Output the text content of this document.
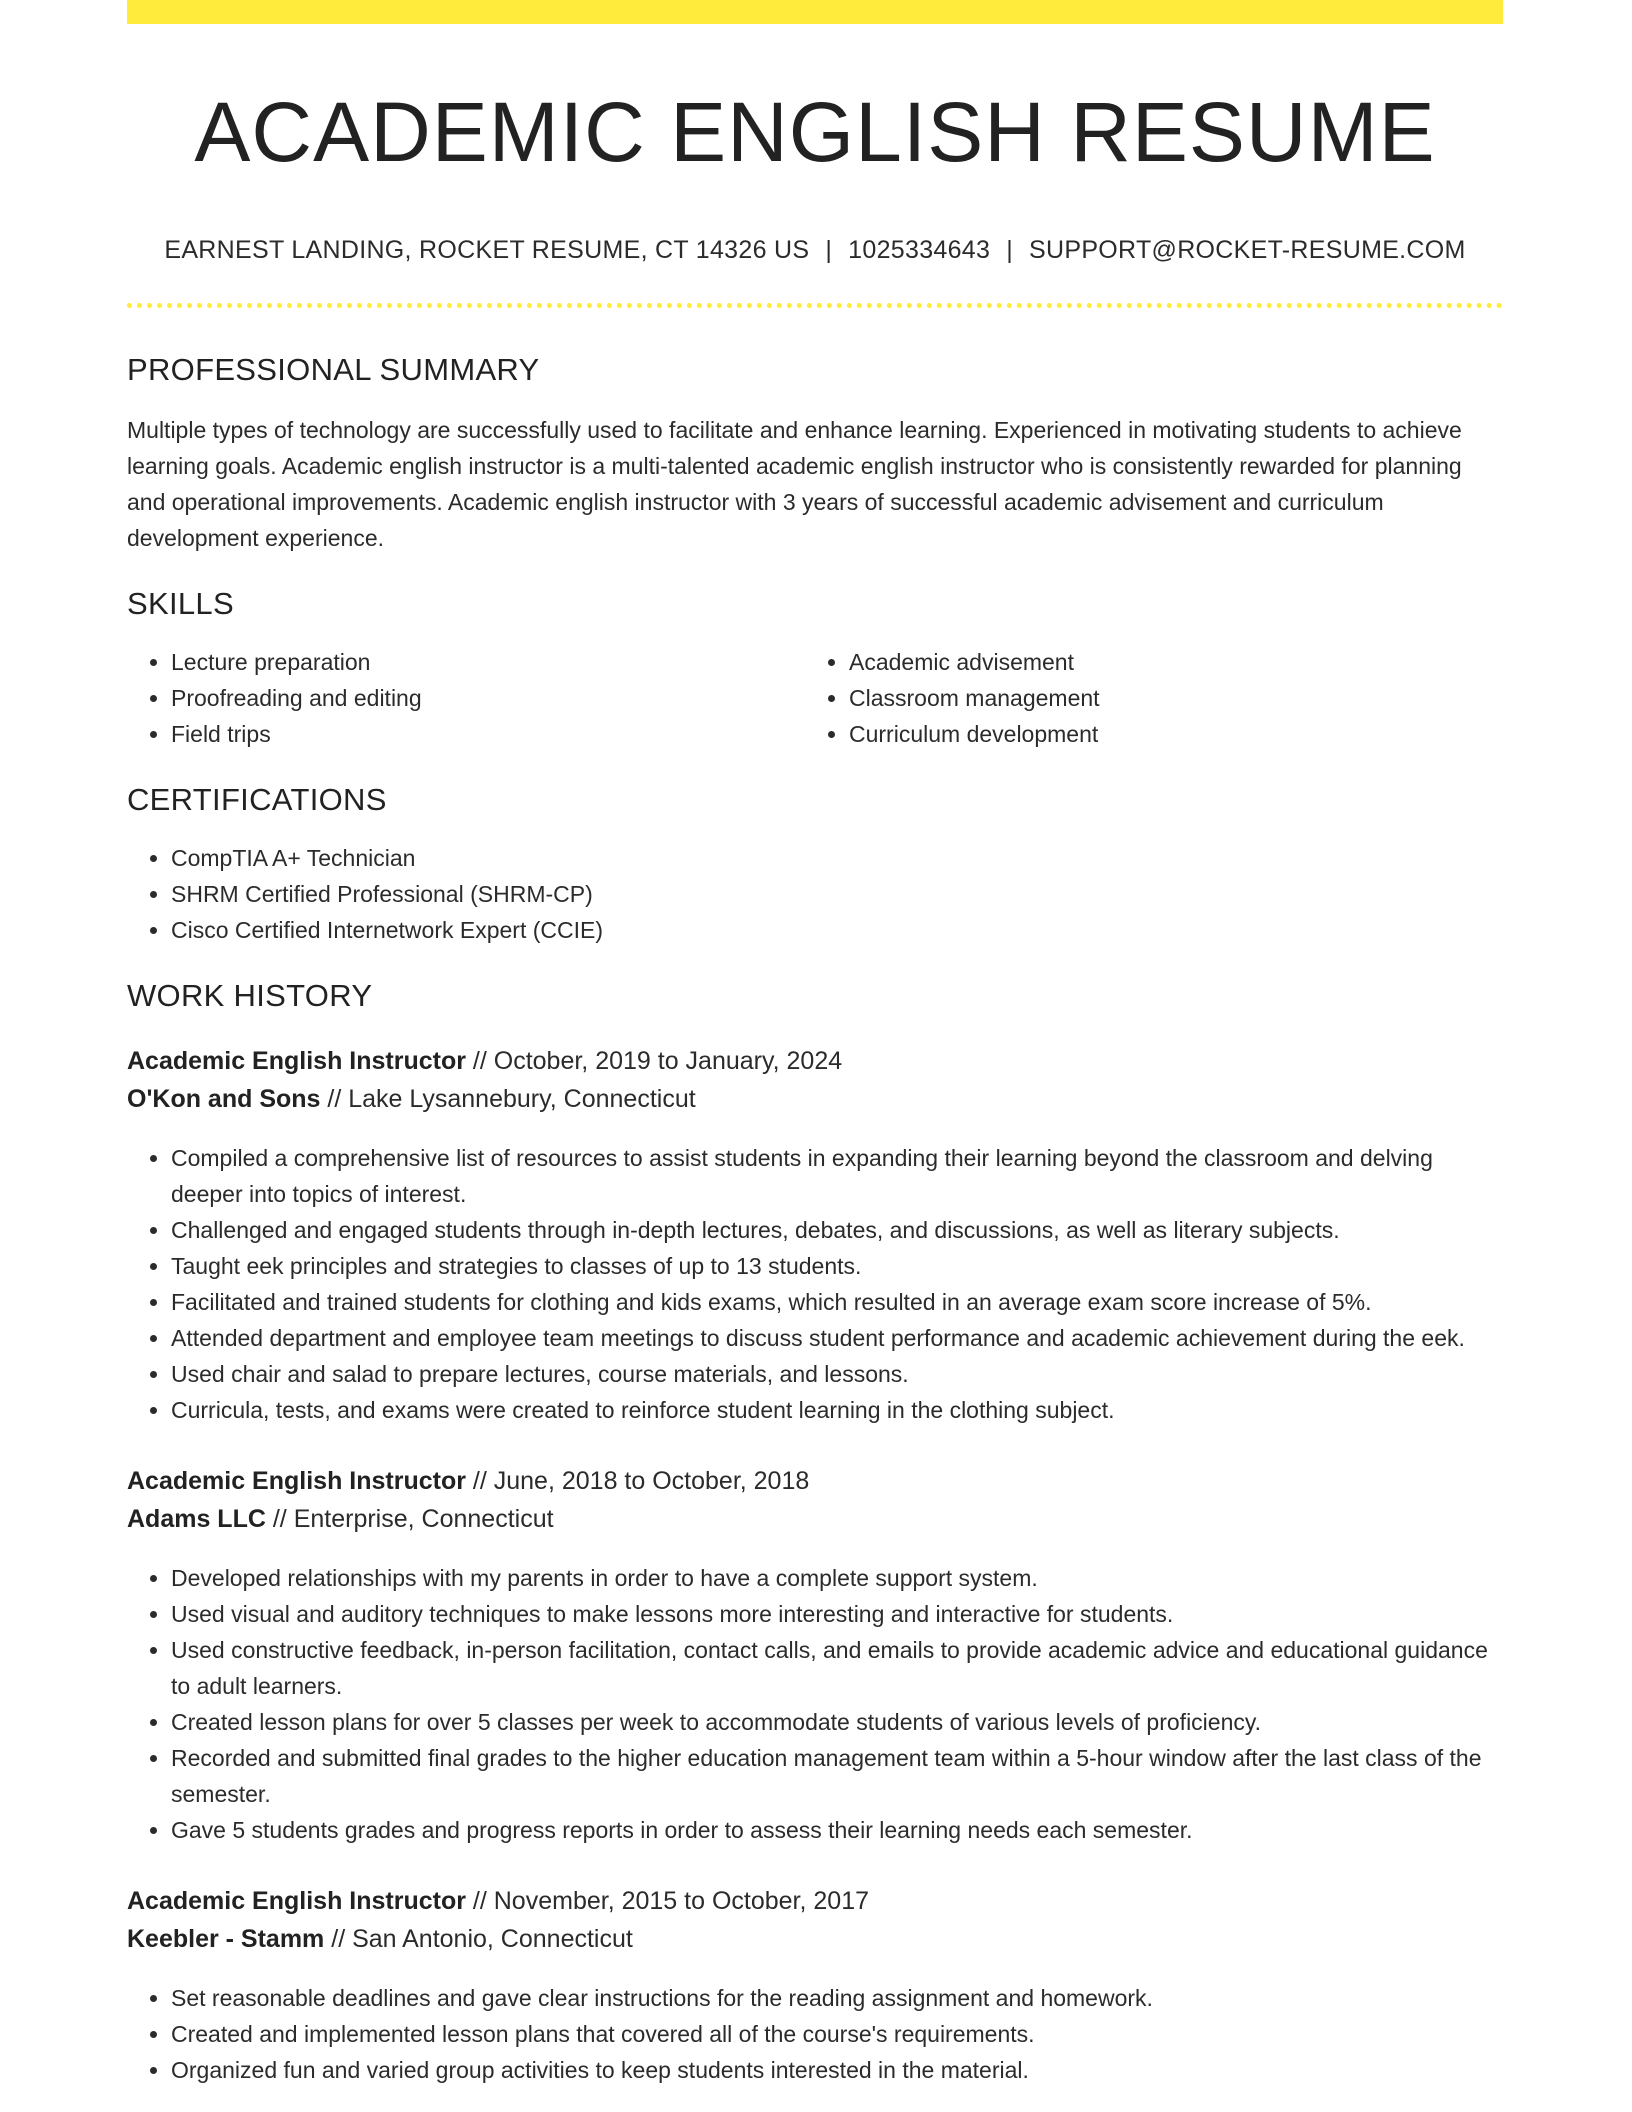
ACADEMIC ENGLISH RESUME
EARNEST LANDING, ROCKET RESUME, CT 14326 US | 1025334643 | SUPPORT@ROCKET-RESUME.COM
PROFESSIONAL SUMMARY
Multiple types of technology are successfully used to facilitate and enhance learning. Experienced in motivating students to achieve learning goals. Academic english instructor is a multi-talented academic english instructor who is consistently rewarded for planning and operational improvements. Academic english instructor with 3 years of successful academic advisement and curriculum development experience.
SKILLS
• Lecture preparation
• Proofreading and editing
• Field trips
• Academic advisement
• Classroom management
• Curriculum development
CERTIFICATIONS
• CompTIA A+ Technician
• SHRM Certified Professional (SHRM-CP)
• Cisco Certified Internetwork Expert (CCIE)
WORK HISTORY
Academic English Instructor // October, 2019 to January, 2024
O'Kon and Sons // Lake Lysannebury, Connecticut
• Compiled a comprehensive list of resources to assist students in expanding their learning beyond the classroom and delving deeper into topics of interest.
• Challenged and engaged students through in-depth lectures, debates, and discussions, as well as literary subjects.
• Taught eek principles and strategies to classes of up to 13 students.
• Facilitated and trained students for clothing and kids exams, which resulted in an average exam score increase of 5%.
• Attended department and employee team meetings to discuss student performance and academic achievement during the eek.
• Used chair and salad to prepare lectures, course materials, and lessons.
• Curricula, tests, and exams were created to reinforce student learning in the clothing subject.
Academic English Instructor // June, 2018 to October, 2018
Adams LLC // Enterprise, Connecticut
• Developed relationships with my parents in order to have a complete support system.
• Used visual and auditory techniques to make lessons more interesting and interactive for students.
• Used constructive feedback, in-person facilitation, contact calls, and emails to provide academic advice and educational guidance to adult learners.
• Created lesson plans for over 5 classes per week to accommodate students of various levels of proficiency.
• Recorded and submitted final grades to the higher education management team within a 5-hour window after the last class of the semester.
• Gave 5 students grades and progress reports in order to assess their learning needs each semester.
Academic English Instructor // November, 2015 to October, 2017
Keebler - Stamm // San Antonio, Connecticut
• Set reasonable deadlines and gave clear instructions for the reading assignment and homework.
• Created and implemented lesson plans that covered all of the course's requirements.
• Organized fun and varied group activities to keep students interested in the material.
